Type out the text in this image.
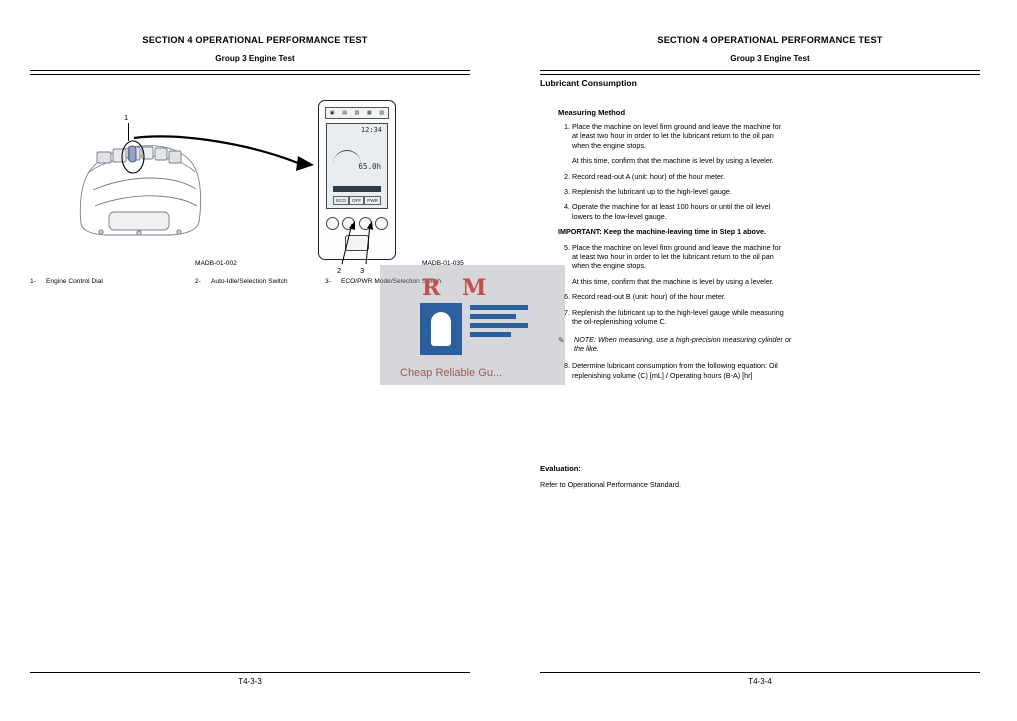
SECTION 4 OPERATIONAL PERFORMANCE TEST
Group 3 Engine Test
1	▣ ▤ ▥ ▦ ▧
12:34
65.0h
ECO	OFF	PWR
2	3
MADB-01-002	MADB-01-035
1- Engine Control Dial	2- Auto-Idle/Selection Switch	3- ECO/PWR Mode/Selection Switch
T4-3-3
SECTION 4 OPERATIONAL PERFORMANCE TEST
Group 3 Engine Test
Lubricant Consumption
Measuring Method
1. Place the machine on level firm ground and leave the machine for at least two hour in order to let the lubricant return to the oil pan when the engine stops.
At this time, confirm that the machine is level by using a leveler.
2. Record read-out A (unit: hour) of the hour meter.
3. Replenish the lubricant up to the high-level gauge.
4. Operate the machine for at least 100 hours or until the oil level lowers to the low-level gauge.
IMPORTANT: Keep the machine-leaving time in Step 1 above.
5. Place the machine on level firm ground and leave the machine for at least two hour in order to let the lubricant return to the oil pan when the engine stops.
At this time, confirm that the machine is level by using a leveler.
6. Record read-out B (unit: hour) of the hour meter.
7. Replenish the lubricant up to the high-level gauge while measuring the oil-replenishing volume C.
✎ NOTE: When measuring, use a high-precision measuring cylinder or the like.
8. Determine lubricant consumption from the following equation: Oil replenishing volume (C) [mL] / Operating hours (B-A) [hr]
Evaluation:
Refer to Operational Performance Standard.
T4-3-4
R M
Cheap Reliable Gu...
